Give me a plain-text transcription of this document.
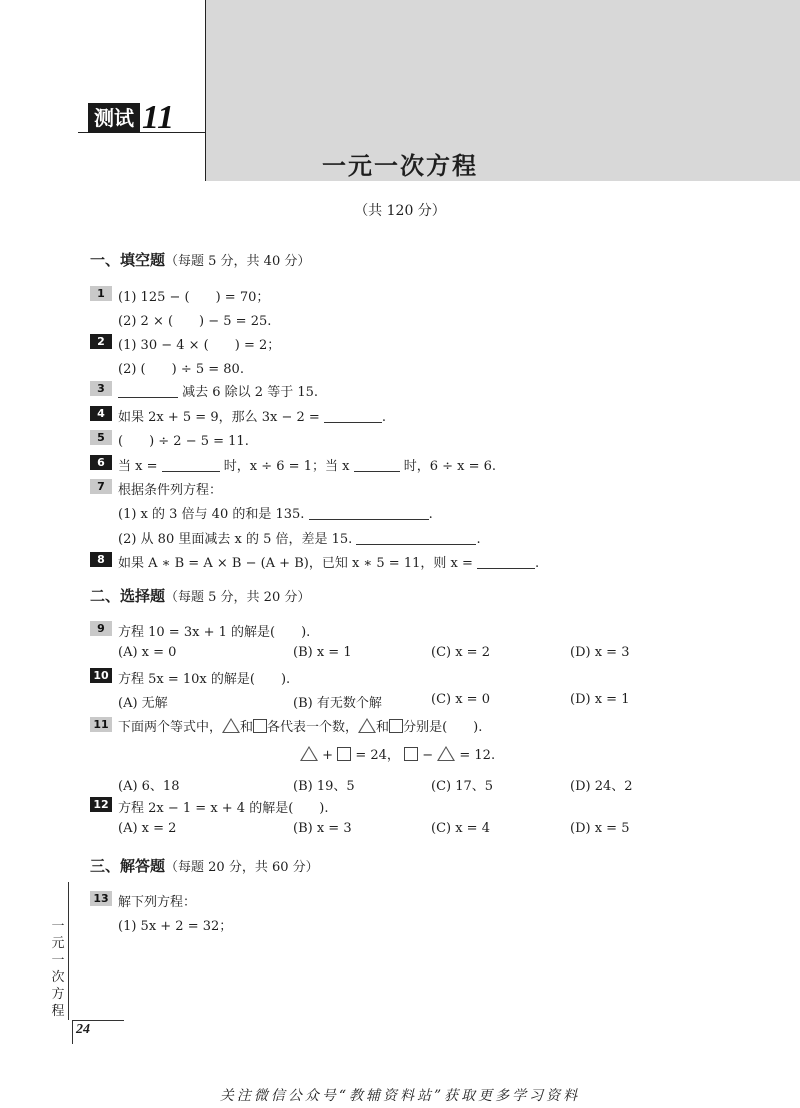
测试 11
一元一次方程
（共 120 分）
一、填空题（每题 5 分，共 40 分）
1	(1) 125 − (　　) = 70；
(2) 2 × (　　) − 5 = 25.
2	(1) 30 − 4 × (　　) = 2；
(2) (　　) ÷ 5 = 80.
3	减去 6 除以 2 等于 15.
4	如果 2x + 5 = 9，那么 3x − 2 =	.
5	(　　) ÷ 2 − 5 = 11.
6	当 x =	时，x ÷ 6 = 1；当 x	时，6 ÷ x = 6.
7	根据条件列方程：
(1) x 的 3 倍与 40 的和是 135.	.
(2) 从 80 里面减去 x 的 5 倍，差是 15.	.
8	如果 A ∗ B = A × B − (A + B)，已知 x ∗ 5 = 11，则 x =	.
二、选择题（每题 5 分，共 20 分）
9	方程 10 = 3x + 1 的解是(　　).
(A) x = 0	(B) x = 1	(C) x = 2	(D) x = 3
10 方程 5x = 10x 的解是(　　).
(A) 无解	(B) 有无数个解	(C) x = 0	(D) x = 1
11 下面两个等式中， 和 各代表一个数， 和 分别是(　　).
+ = 24， − = 12.
(A) 6、18	(B) 19、5	(C) 17、5	(D) 24、2
12 方程 2x − 1 = x + 4 的解是(　　).
(A) x = 2	(B) x = 3	(C) x = 4	(D) x = 5
三、解答题（每题 20 分，共 60 分）
13 解下列方程：
(1) 5x + 2 = 32；
一元一次方程
24
关注微信公众号“教辅资料站”获取更多学习资料
